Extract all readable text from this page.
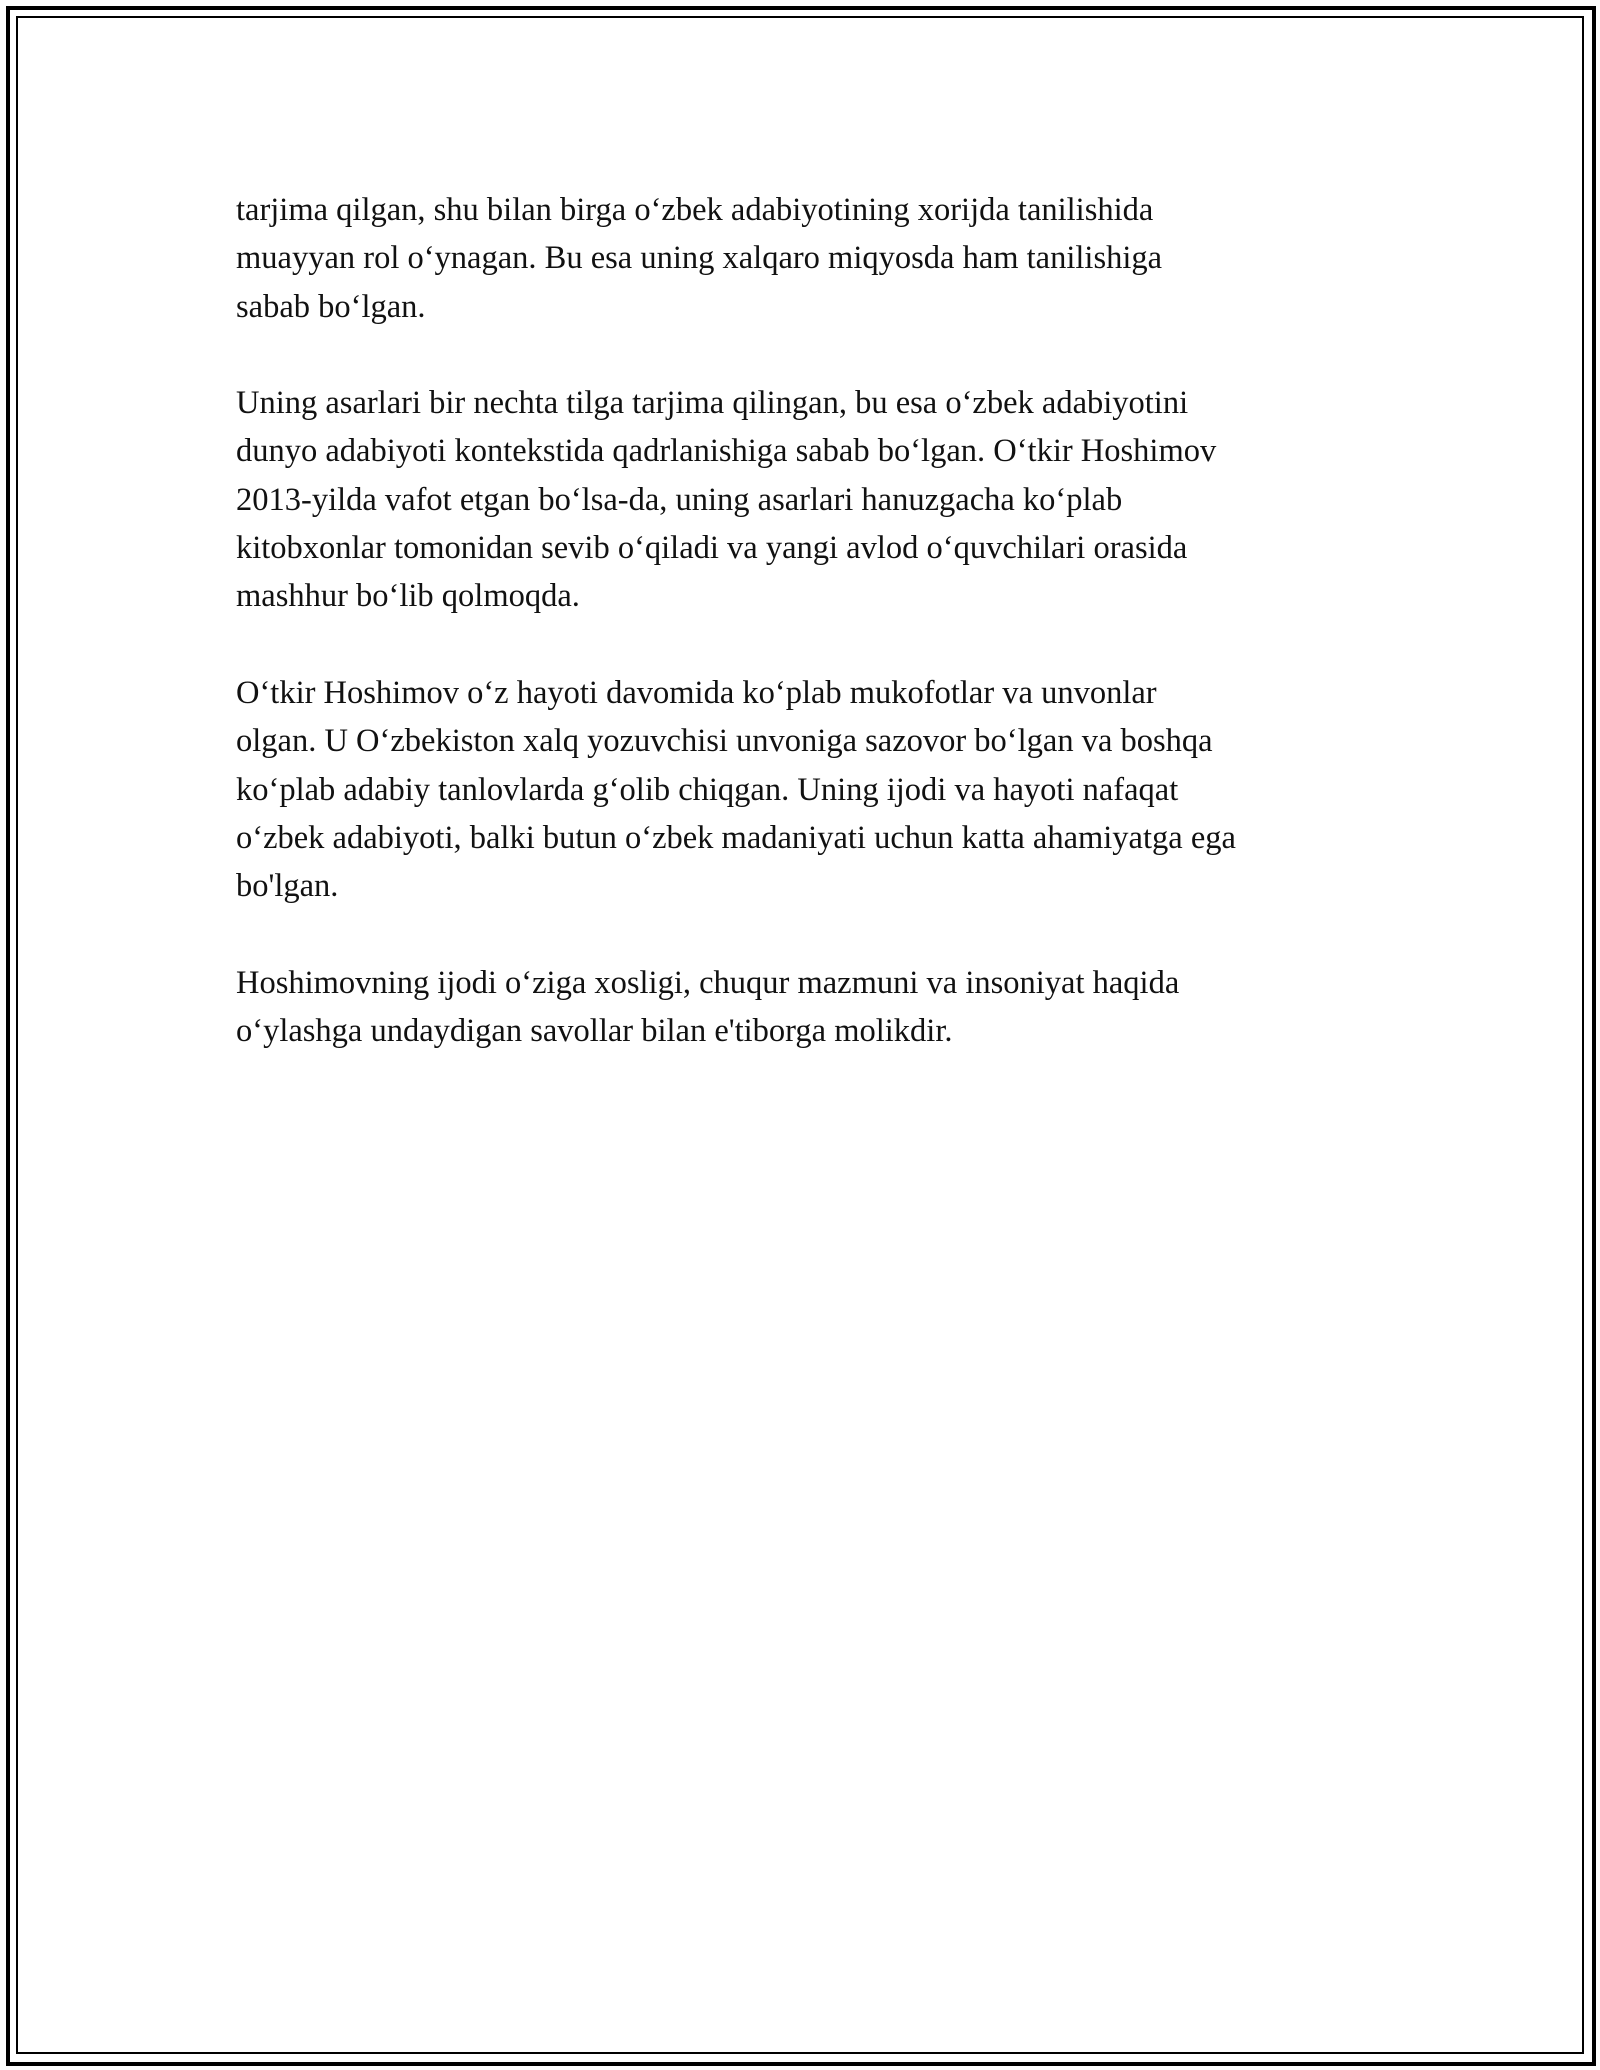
tarjima qilgan, shu bilan birga o‘zbek adabiyotining xorijda tanilishida
muayyan rol o‘ynagan. Bu esa uning xalqaro miqyosda ham tanilishiga
sabab bo‘lgan.

Uning asarlari bir nechta tilga tarjima qilingan, bu esa o‘zbek adabiyotini
dunyo adabiyoti kontekstida qadrlanishiga sabab bo‘lgan. O‘tkir Hoshimov
2013-yilda vafot etgan bo‘lsa-da, uning asarlari hanuzgacha ko‘plab
kitobxonlar tomonidan sevib o‘qiladi va yangi avlod o‘quvchilari orasida
mashhur bo‘lib qolmoqda.

O‘tkir Hoshimov o‘z hayoti davomida ko‘plab mukofotlar va unvonlar
olgan. U O‘zbekiston xalq yozuvchisi unvoniga sazovor bo‘lgan va boshqa
ko‘plab adabiy tanlovlarda g‘olib chiqgan. Uning ijodi va hayoti nafaqat
o‘zbek adabiyoti, balki butun o‘zbek madaniyati uchun katta ahamiyatga ega
bo'lgan.

Hoshimovning ijodi o‘ziga xosligi, chuqur mazmuni va insoniyat haqida
o‘ylashga undaydigan savollar bilan e'tiborga molikdir.
